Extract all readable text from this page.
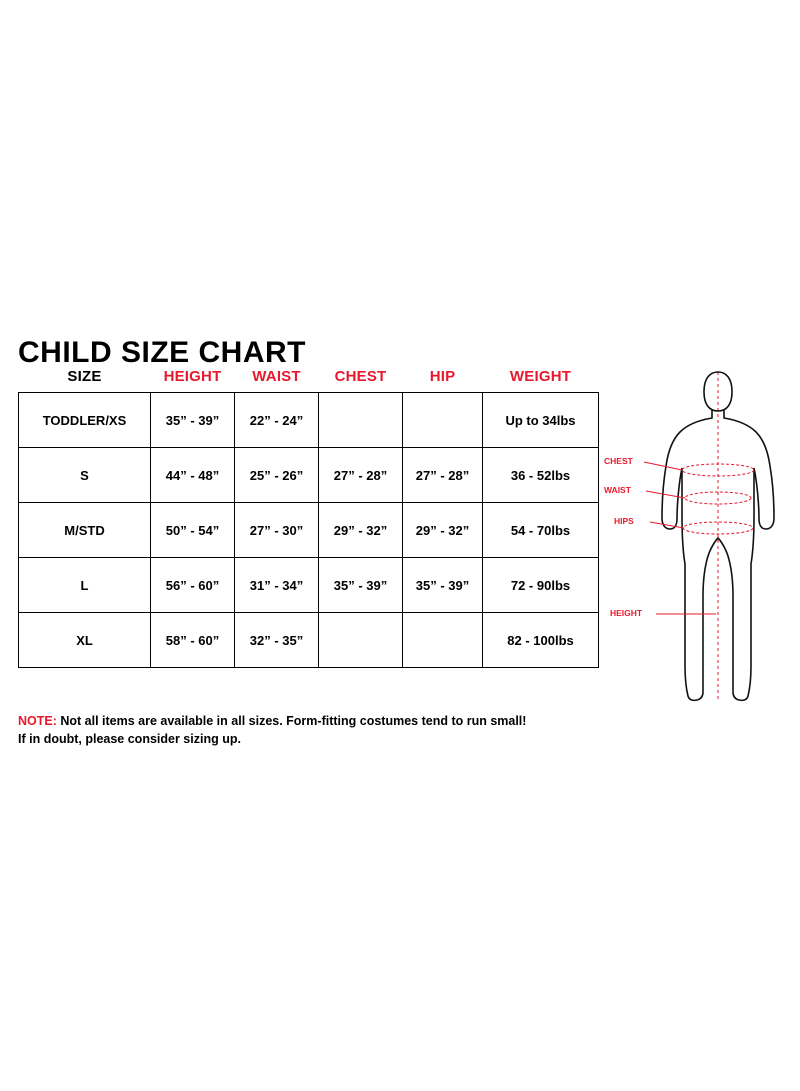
CHILD SIZE CHART
SIZE	HEIGHT	WAIST	CHEST	HIP	WEIGHT
TODDLER/XS	35” - 39”	22” - 24”			Up to 34lbs
S	44” - 48”	25” - 26”	27” - 28”	27” - 28”	36 - 52lbs
M/STD	50” - 54”	27” - 30”	29” - 32”	29” - 32”	54 - 70lbs
L	56” - 60”	31” - 34”	35” - 39”	35” - 39”	72 - 90lbs
XL	58” - 60”	32” - 35”			82 - 100lbs
NOTE: Not all items are available in all sizes. Form-fitting costumes tend to run small!
If in doubt, please consider sizing up.
CHEST
WAIST
HIPS
HEIGHT
